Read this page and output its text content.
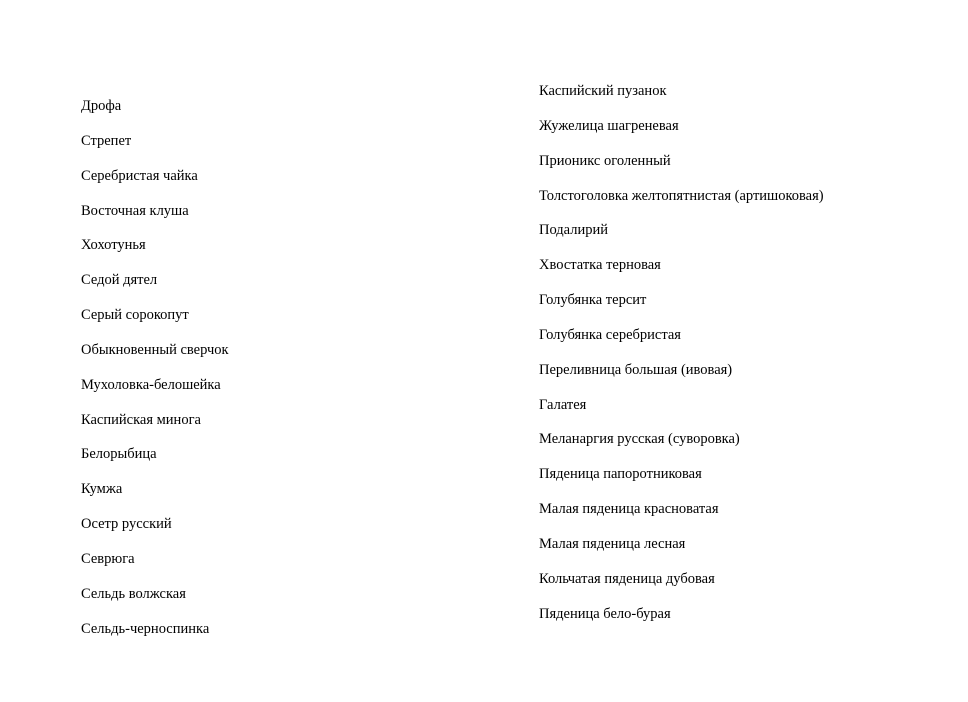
Дрофа
Стрепет
Серебристая чайка
Восточная клуша
Хохотунья
Седой дятел
Серый сорокопут
Обыкновенный сверчок
Мухоловка-белошейка
Каспийская минога
Белорыбица
Кумжа
Осетр русский
Севрюга
Сельдь волжская
Сельдь-черноспинка
Каспийский пузанок
Жужелица шагреневая
Прионикс оголенный
Толстоголовка желтопятнистая (артишоковая)
Подалирий
Хвостатка терновая
Голубянка терсит
Голубянка серебристая
Переливница большая (ивовая)
Галатея
Меланаргия русская (суворовка)
Пяденица папоротниковая
Малая пяденица красноватая
Малая пяденица лесная
Кольчатая пяденица дубовая
Пяденица бело-бурая
